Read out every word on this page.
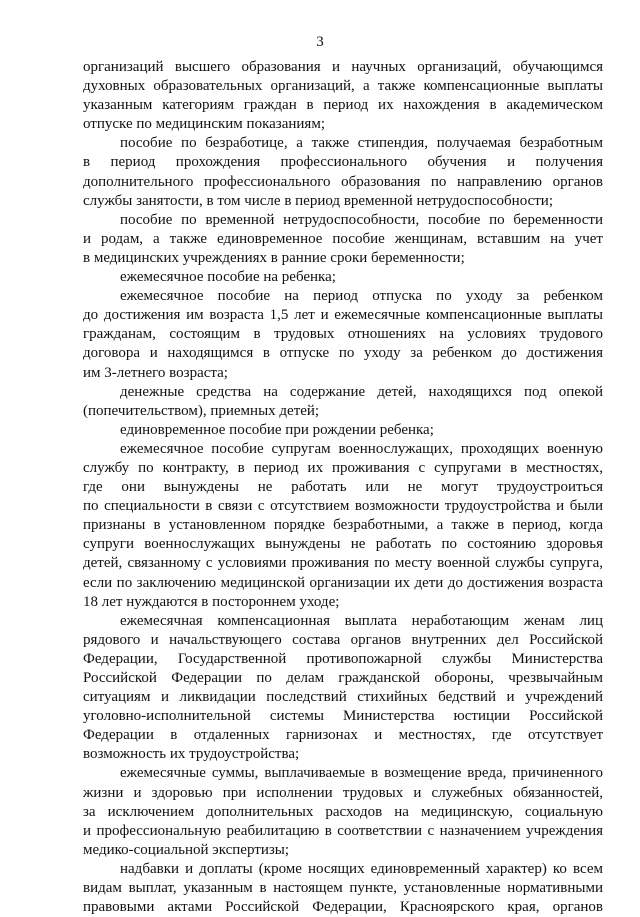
3
организаций высшего образования и научных организаций, обучающимся
духовных образовательных организаций, а также компенсационные выплаты
указанным категориям граждан в период их нахождения в академическом
отпуске по медицинским показаниям;
пособие по безработице, а также стипендия, получаемая безработным
в период прохождения профессионального обучения и получения
дополнительного профессионального образования по направлению органов
службы занятости, в том числе в период временной нетрудоспособности;
пособие по временной нетрудоспособности, пособие по беременности
и родам, а также единовременное пособие женщинам, вставшим на учет
в медицинских учреждениях в ранние сроки беременности;
ежемесячное пособие на ребенка;
ежемесячное пособие на период отпуска по уходу за ребенком
до достижения им возраста 1,5 лет и ежемесячные компенсационные выплаты
гражданам, состоящим в трудовых отношениях на условиях трудового
договора и находящимся в отпуске по уходу за ребенком до достижения
им 3-летнего возраста;
денежные средства на содержание детей, находящихся под опекой
(попечительством), приемных детей;
единовременное пособие при рождении ребенка;
ежемесячное пособие супругам военнослужащих, проходящих военную
службу по контракту, в период их проживания с супругами в местностях,
где они вынуждены не работать или не могут трудоустроиться
по специальности в связи с отсутствием возможности трудоустройства и были
признаны в установленном порядке безработными, а также в период, когда
супруги военнослужащих вынуждены не работать по состоянию здоровья
детей, связанному с условиями проживания по месту военной службы супруга,
если по заключению медицинской организации их дети до достижения возраста
18 лет нуждаются в постороннем уходе;
ежемесячная компенсационная выплата неработающим женам лиц
рядового и начальствующего состава органов внутренних дел Российской
Федерации, Государственной противопожарной службы Министерства
Российской Федерации по делам гражданской обороны, чрезвычайным
ситуациям и ликвидации последствий стихийных бедствий и учреждений
уголовно-исполнительной системы Министерства юстиции Российской
Федерации в отдаленных гарнизонах и местностях, где отсутствует
возможность их трудоустройства;
ежемесячные суммы, выплачиваемые в возмещение вреда, причиненного
жизни и здоровью при исполнении трудовых и служебных обязанностей,
за исключением дополнительных расходов на медицинскую, социальную
и профессиональную реабилитацию в соответствии с назначением учреждения
медико-социальной экспертизы;
надбавки и доплаты (кроме носящих единовременный характер) ко всем
видам выплат, указанным в настоящем пункте, установленные нормативными
правовыми актами Российской Федерации, Красноярского края, органов
